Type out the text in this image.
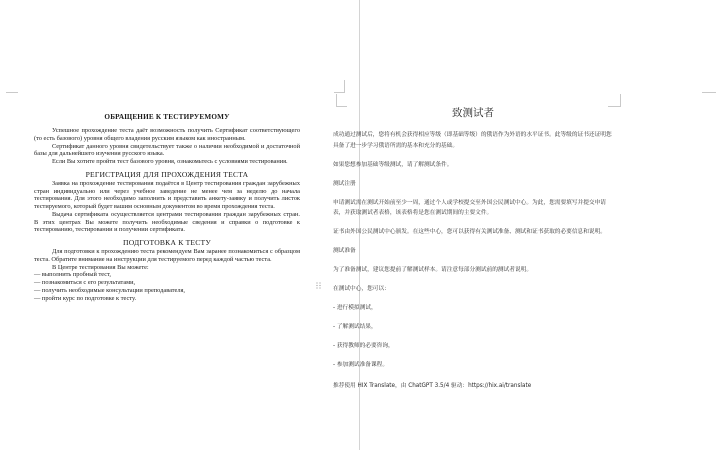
ОБРАЩЕНИЕ К ТЕСТИРУЕМОМУ

Успешное прохождение теста даёт возможность получить Сертификат соответствующего (то есть базового) уровня общего владения русским языком как иностранным.

Сертификат данного уровня свидетельствует также о наличии необходимой и достаточной базы для дальнейшего изучения русского языка.

Если Вы хотите пройти тест базового уровня, ознакомьтесь с условиями тестирования.

РЕГИСТРАЦИЯ ДЛЯ ПРОХОЖДЕНИЯ ТЕСТА

Заявка на прохождение тестирования подаётся в Центр тестирования граждан зарубежных стран индивидуально или через учебное заведение не менее чем за неделю до начала тестирования. Для этого необходимо заполнить и представить анкету-заявку и получить листок тестируемого, который будет вашим основным документом во время прохождения теста.

Выдача сертификата осуществляется центрами тестирования граждан зарубежных стран. В этих центрах Вы можете получить необходимые сведения и справки о подготовке к тестированию, тестировании и получении сертификата.

ПОДГОТОВКА К ТЕСТУ

Для подготовки к прохождению теста рекомендуем Вам заранее познакомиться с образцом теста. Обратите внимание на инструкции для тестируемого перед каждой частью теста.

В Центре тестирования Вы можете:

— выполнить пробный тест,

— познакомиться с его результатами,

— получить необходимые консультации преподавателя,

— пройти курс по подготовке к тесту.

致测试者

成功通过测试后，您将有机会获得相应等级（即基础等级）的俄语作为外语的水平证书。此等级的证书还证明您具备了进一步学习俄语所需的基本和充分的基础。

如果您想参加基础等级测试，请了解测试条件。

测试注册

申请测试需在测试开始前至少一周，通过个人或学校提交至外国公民测试中心。为此，您需要填写并提交申请表，并获取测试者表格，该表格将是您在测试期间的主要文件。

证书由外国公民测试中心颁发。在这些中心，您可以获得有关测试准备、测试和证书获取的必要信息和说明。

测试准备

为了准备测试，建议您提前了解测试样本。请注意每部分测试前的测试者说明。

在测试中心，您可以：

- 进行模拟测试，

- 了解测试结果，

- 获得教师的必要咨询，

- 参加测试准备课程。

推荐使用 HIX Translate，由 ChatGPT 3.5/4 驱动：https://hix.ai/translate
